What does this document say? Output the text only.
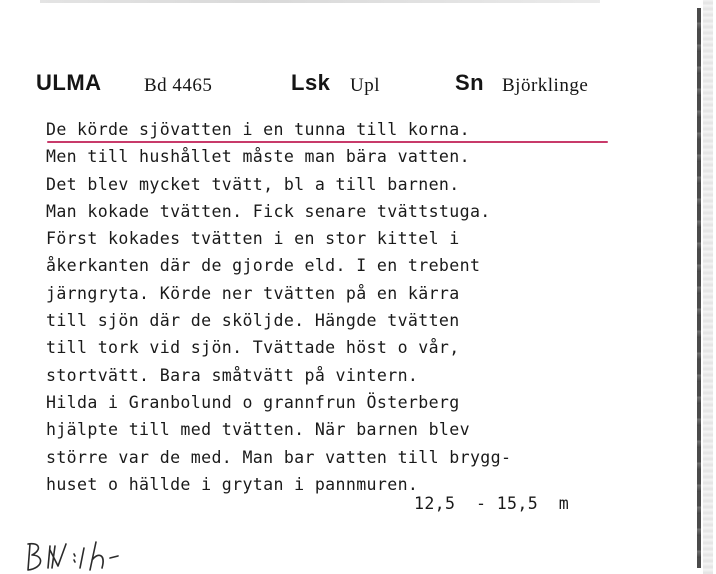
ULMA Bd 4465	Lsk Upl	Sn Björklinge
De körde sjövatten i en tunna till korna.
Men till hushållet måste man bära vatten.
Det blev mycket tvätt, bl a till barnen.
Man kokade tvätten. Fick senare tvättstuga.
Först kokades tvätten i en stor kittel i
åkerkanten där de gjorde eld. I en trebent
järngryta. Körde ner tvätten på en kärra
till sjön där de sköljde. Hängde tvätten
till tork vid sjön. Tvättade höst o vår,
stortvätt. Bara småtvätt på vintern.
Hilda i Granbolund o grannfrun Österberg
hjälpte till med tvätten. När barnen blev
större var de med. Man bar vatten till brygg-
huset o hällde i grytan i pannmuren.
12,5  - 15,5  m
